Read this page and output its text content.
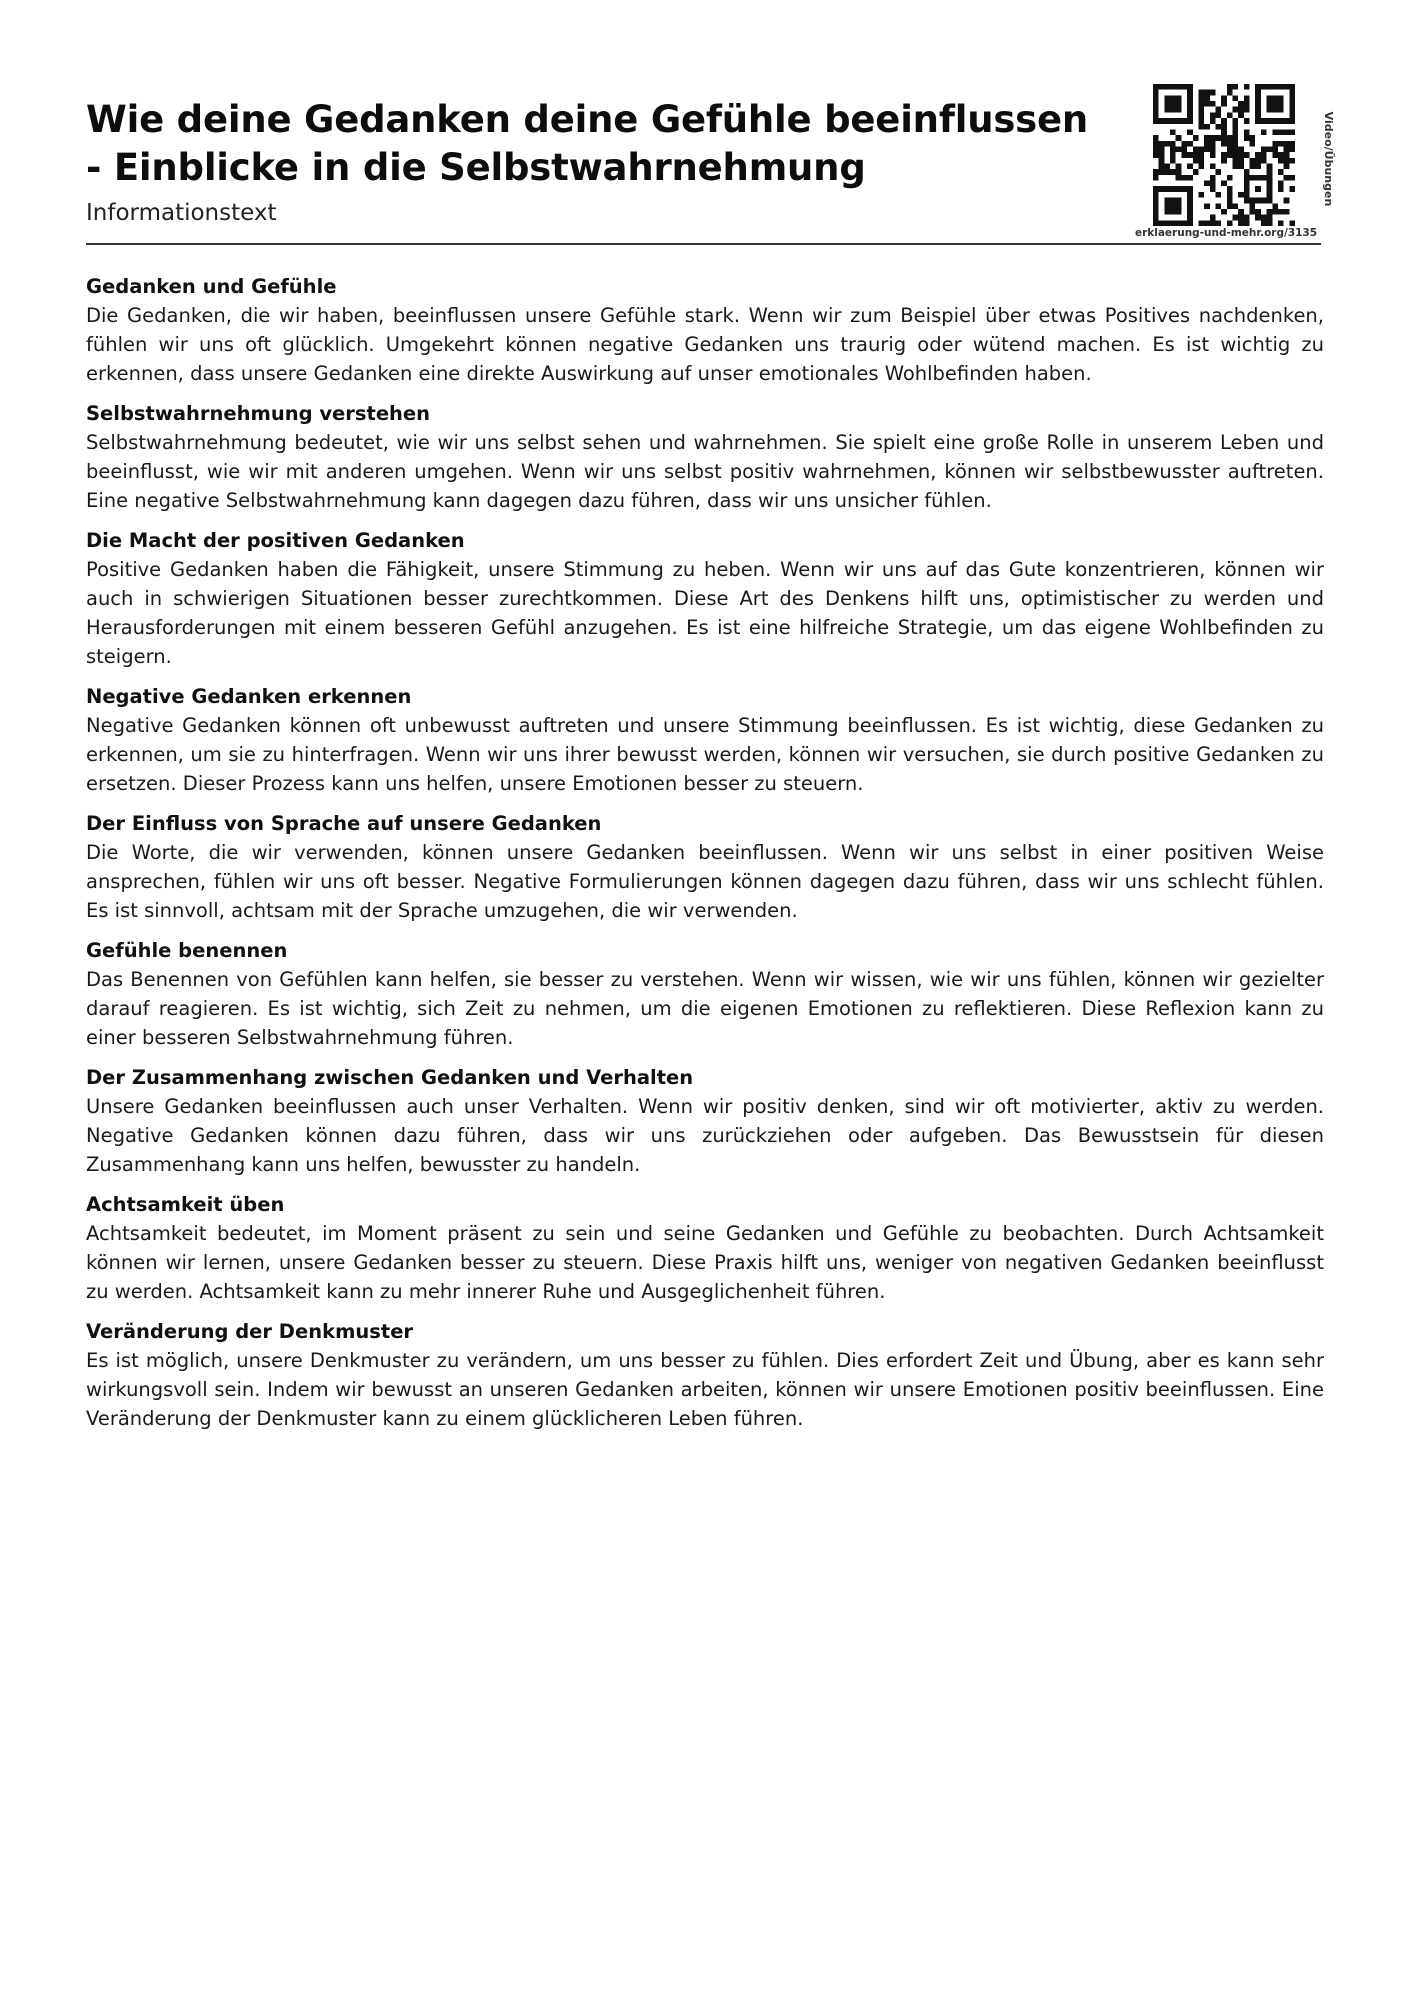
Wie deine Gedanken deine Gefühle beeinflussen - Einblicke in die Selbstwahrnehmung
Informationstext
Video/Übungen
erklaerung-und-mehr.org/3135
Gedanken und Gefühle

Die Gedanken, die wir haben, beeinflussen unsere Gefühle stark. Wenn wir zum Beispiel über etwas Positives nachdenken, fühlen wir uns oft glücklich. Umgekehrt können negative Gedanken uns traurig oder wütend machen. Es ist wichtig zu erkennen, dass unsere Gedanken eine direkte Auswirkung auf unser emotionales Wohlbefinden haben.

Selbstwahrnehmung verstehen

Selbstwahrnehmung bedeutet, wie wir uns selbst sehen und wahrnehmen. Sie spielt eine große Rolle in unserem Leben und beeinflusst, wie wir mit anderen umgehen. Wenn wir uns selbst positiv wahrnehmen, können wir selbstbewusster auftreten. Eine negative Selbstwahrnehmung kann dagegen dazu führen, dass wir uns unsicher fühlen.

Die Macht der positiven Gedanken

Positive Gedanken haben die Fähigkeit, unsere Stimmung zu heben. Wenn wir uns auf das Gute konzentrieren, können wir auch in schwierigen Situationen besser zurechtkommen. Diese Art des Denkens hilft uns, optimistischer zu werden und Herausforderungen mit einem besseren Gefühl anzugehen. Es ist eine hilfreiche Strategie, um das eigene Wohlbefinden zu steigern.

Negative Gedanken erkennen

Negative Gedanken können oft unbewusst auftreten und unsere Stimmung beeinflussen. Es ist wichtig, diese Gedanken zu erkennen, um sie zu hinterfragen. Wenn wir uns ihrer bewusst werden, können wir versuchen, sie durch positive Gedanken zu ersetzen. Dieser Prozess kann uns helfen, unsere Emotionen besser zu steuern.

Der Einfluss von Sprache auf unsere Gedanken

Die Worte, die wir verwenden, können unsere Gedanken beeinflussen. Wenn wir uns selbst in einer positiven Weise ansprechen, fühlen wir uns oft besser. Negative Formulierungen können dagegen dazu führen, dass wir uns schlecht fühlen. Es ist sinnvoll, achtsam mit der Sprache umzugehen, die wir verwenden.

Gefühle benennen

Das Benennen von Gefühlen kann helfen, sie besser zu verstehen. Wenn wir wissen, wie wir uns fühlen, können wir gezielter darauf reagieren. Es ist wichtig, sich Zeit zu nehmen, um die eigenen Emotionen zu reflektieren. Diese Reflexion kann zu einer besseren Selbstwahrnehmung führen.

Der Zusammenhang zwischen Gedanken und Verhalten

Unsere Gedanken beeinflussen auch unser Verhalten. Wenn wir positiv denken, sind wir oft motivierter, aktiv zu werden. Negative Gedanken können dazu führen, dass wir uns zurückziehen oder aufgeben. Das Bewusstsein für diesen Zusammenhang kann uns helfen, bewusster zu handeln.

Achtsamkeit üben

Achtsamkeit bedeutet, im Moment präsent zu sein und seine Gedanken und Gefühle zu beobachten. Durch Achtsamkeit können wir lernen, unsere Gedanken besser zu steuern. Diese Praxis hilft uns, weniger von negativen Gedanken beeinflusst zu werden. Achtsamkeit kann zu mehr innerer Ruhe und Ausgeglichenheit führen.

Veränderung der Denkmuster

Es ist möglich, unsere Denkmuster zu verändern, um uns besser zu fühlen. Dies erfordert Zeit und Übung, aber es kann sehr wirkungsvoll sein. Indem wir bewusst an unseren Gedanken arbeiten, können wir unsere Emotionen positiv beeinflussen. Eine Veränderung der Denkmuster kann zu einem glücklicheren Leben führen.
